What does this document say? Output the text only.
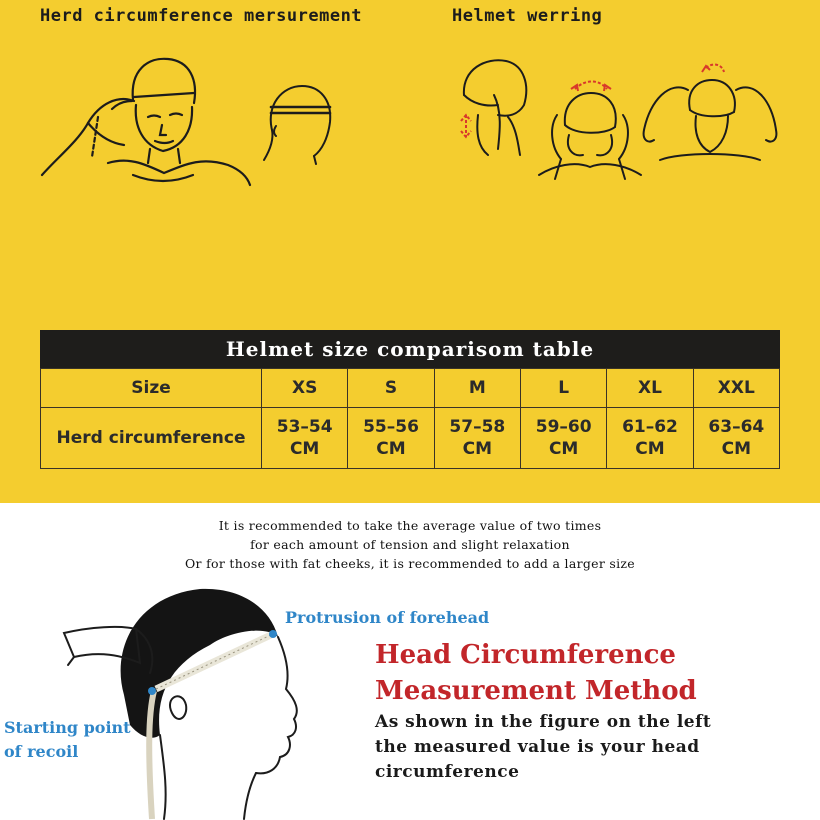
Herd circumference mersurement	Helmet werring
Helmet size comparisom table
Size	XS	S	M	L	XL	XXL
Herd circumference	53–54 CM	55–56 CM	57–58 CM	59–60 CM	61–62 CM	63–64 CM
It is recommended to take the average value of two times
for each amount of tension and slight relaxation
Or for those with fat cheeks, it is recommended to add a larger size
Protrusion of forehead
Starting point
of recoil
Head Circumference
Measurement Method
As shown in the figure on the left
the measured value is your head
circumference
